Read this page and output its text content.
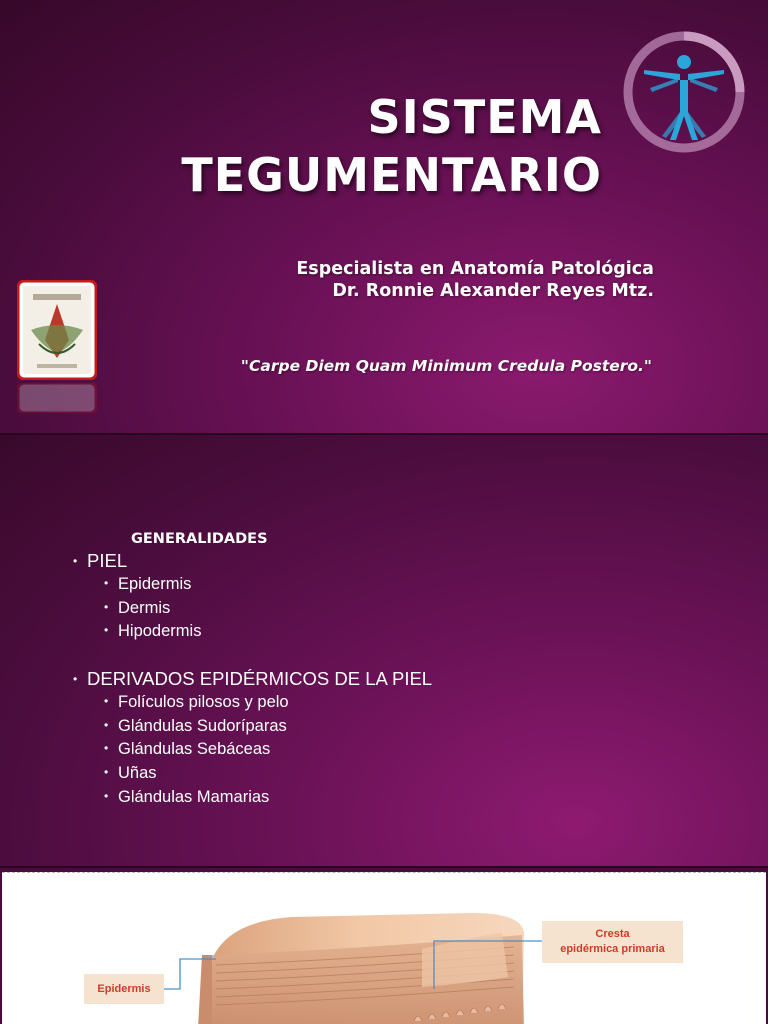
SISTEMA
TEGUMENTARIO
Especialista en Anatomía Patológica
Dr. Ronnie Alexander Reyes Mtz.
"Carpe Diem Quam Minimum Credula Postero."
GENERALIDADES
• PIEL
• Epidermis
• Dermis
• Hipodermis
• DERIVADOS EPIDÉRMICOS DE LA PIEL
• Folículos pilosos y pelo
• Glándulas Sudoríparas
• Glándulas Sebáceas
• Uñas
• Glándulas Mamarias
Epidermis
Cresta
epidérmica primaria
